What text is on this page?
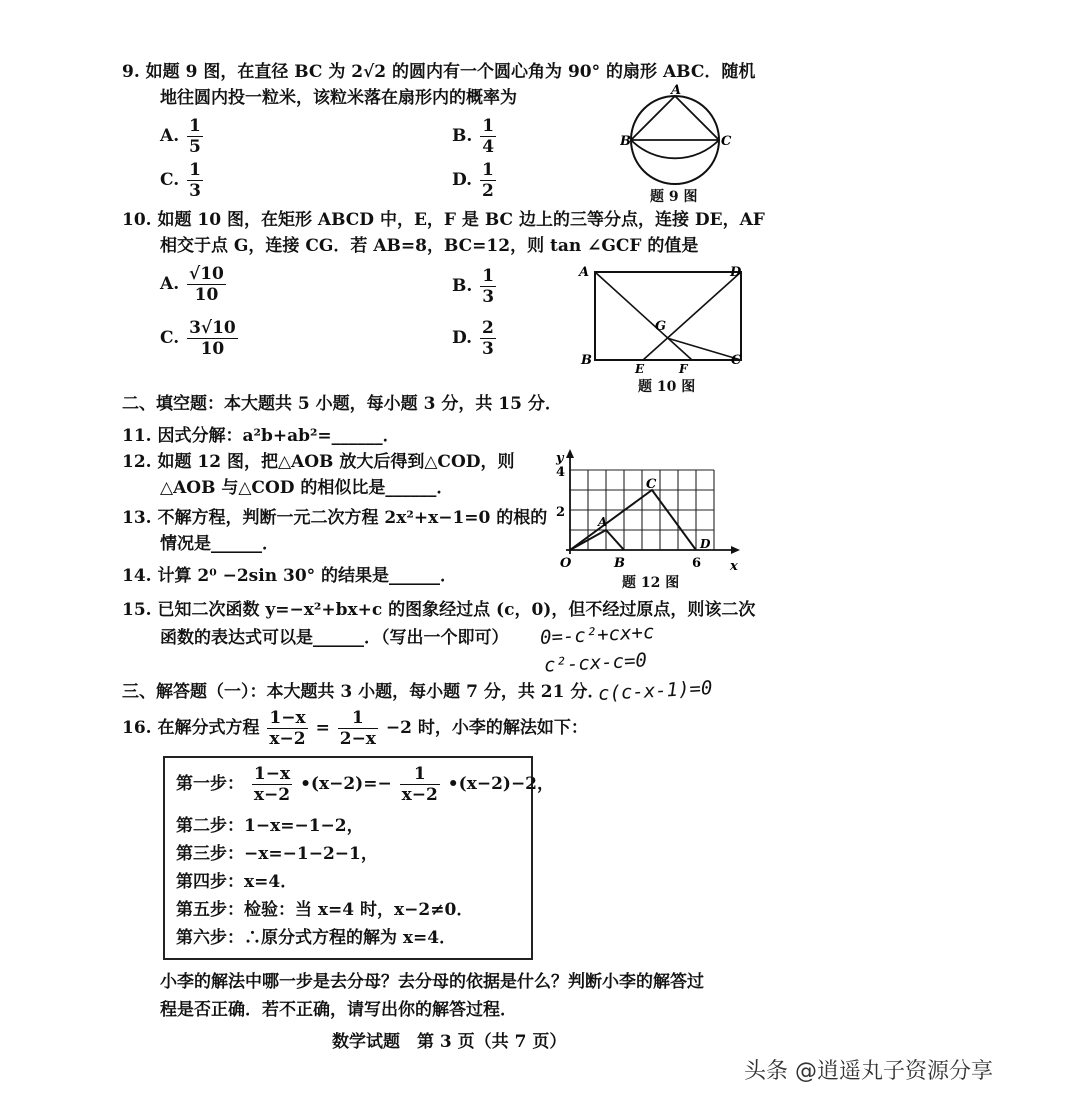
9. 如题 9 图，在直径 BC 为 2√2 的圆内有一个圆心角为 90° 的扇形 ABC．随机
地往圆内投一粒米，该粒米落在扇形内的概率为
A. $\frac{1}{5}$	B. $\frac{1}{4}$
C. $\frac{1}{3}$	D. $\frac{1}{2}$
A
B	C
题 9 图
10. 如题 10 图，在矩形 ABCD 中，E，F 是 BC 边上的三等分点，连接 DE，AF
相交于点 G，连接 CG．若 AB=8，BC=12，则 tan ∠GCF 的值是
A. $\frac{√10}{10}$	B. $\frac{1}{3}$
C. $\frac{3√10}{10}$	D. $\frac{2}{3}$
A	D
B	C
G
E	F
题 10 图
二、填空题：本大题共 5 小题，每小题 3 分，共 15 分．
11. 因式分解：a²b+ab²=______．
12. 如题 12 图，把△AOB 放大后得到△COD，则
△AOB 与△COD 的相似比是______．
13. 不解方程，判断一元二次方程 2x²+x−1=0 的根的
情况是______．
14. 计算 2⁰ −2sin 30° 的结果是______．
y
4
2
O
A
B
C
D
6 x
题 12 图
15. 已知二次函数 y=−x²+bx+c 的图象经过点 (c，0)，但不经过原点，则该二次
函数的表达式可以是______．（写出一个即可） 0=-c²+cx+c
c²-cx-c=0
c(c-x-1)=0
三、解答题（一）：本大题共 3 小题，每小题 7 分，共 21 分．
16. 在解分式方程 $\frac{1-x}{x-2} = \frac{1}{2-x} -2$ 时，小李的解法如下：
第一步： $\frac{1-x}{x-2}$ •(x−2)=− $\frac{1}{x-2}$ •(x−2)−2，
第二步：1−x=−1−2，
第三步：−x=−1−2−1，
第四步：x=4．
第五步：检验：当 x=4 时，x−2≠0．
第六步：∴原分式方程的解为 x=4．
小李的解法中哪一步是去分母？去分母的依据是什么？判断小李的解答过
程是否正确．若不正确，请写出你的解答过程．
数学试题　第 3 页（共 7 页）
头条 @逍遥丸子资源分享
